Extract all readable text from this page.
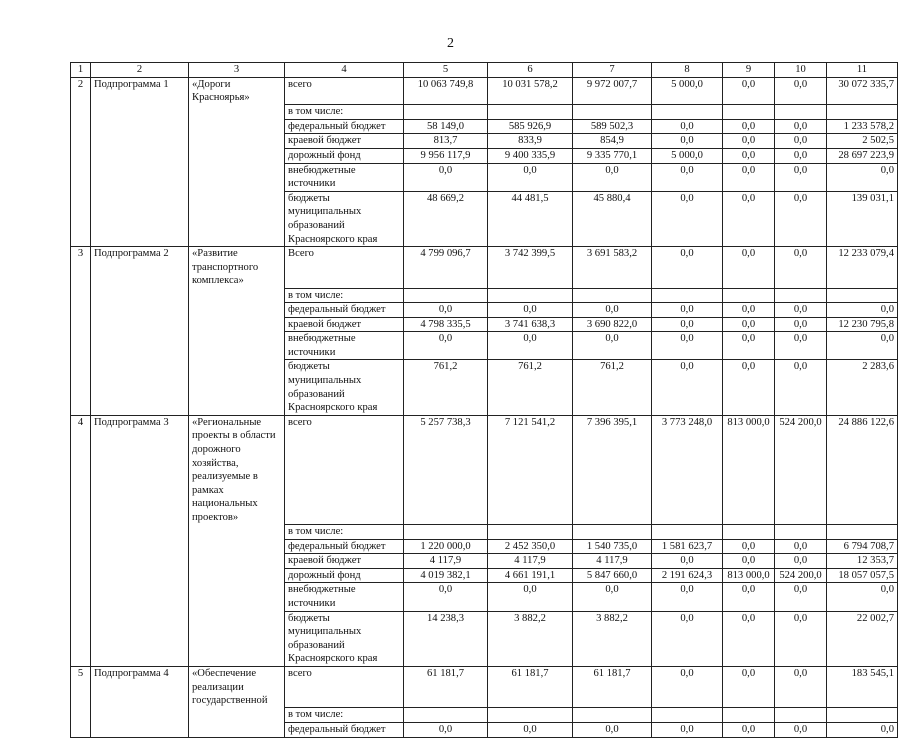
2
1	2	3	4	5	6	7	8	9	10	11
2	Подпрограмма 1	«Дороги Красноярья»	всего	10 063 749,8	10 031 578,2	9 972 007,7	5 000,0	0,0	0,0	30 072 335,7
			в том числе:							
			федеральный бюджет	58 149,0	585 926,9	589 502,3	0,0	0,0	0,0	1 233 578,2
			краевой бюджет	813,7	833,9	854,9	0,0	0,0	0,0	2 502,5
			дорожный фонд	9 956 117,9	9 400 335,9	9 335 770,1	5 000,0	0,0	0,0	28 697 223,9
			внебюджетные источники	0,0	0,0	0,0	0,0	0,0	0,0	0,0
			бюджеты муниципальных образований Красноярского края	48 669,2	44 481,5	45 880,4	0,0	0,0	0,0	139 031,1
3	Подпрограмма 2	«Развитие транспортного комплекса»	Всего	4 799 096,7	3 742 399,5	3 691 583,2	0,0	0,0	0,0	12 233 079,4
			в том числе:							
			федеральный бюджет	0,0	0,0	0,0	0,0	0,0	0,0	0,0
			краевой бюджет	4 798 335,5	3 741 638,3	3 690 822,0	0,0	0,0	0,0	12 230 795,8
			внебюджетные источники	0,0	0,0	0,0	0,0	0,0	0,0	0,0
			бюджеты муниципальных образований Красноярского края	761,2	761,2	761,2	0,0	0,0	0,0	2 283,6
4	Подпрограмма 3	«Региональные проекты в области дорожного хозяйства, реализуемые в рамках национальных проектов»	всего	5 257 738,3	7 121 541,2	7 396 395,1	3 773 248,0	813 000,0	524 200,0	24 886 122,6
			в том числе:							
			федеральный бюджет	1 220 000,0	2 452 350,0	1 540 735,0	1 581 623,7	0,0	0,0	6 794 708,7
			краевой бюджет	4 117,9	4 117,9	4 117,9	0,0	0,0	0,0	12 353,7
			дорожный фонд	4 019 382,1	4 661 191,1	5 847 660,0	2 191 624,3	813 000,0	524 200,0	18 057 057,5
			внебюджетные источники	0,0	0,0	0,0	0,0	0,0	0,0	0,0
			бюджеты муниципальных образований Красноярского края	14 238,3	3 882,2	3 882,2	0,0	0,0	0,0	22 002,7
5	Подпрограмма 4	«Обеспечение реализации государственной	всего	61 181,7	61 181,7	61 181,7	0,0	0,0	0,0	183 545,1
			в том числе:							
			федеральный бюджет	0,0	0,0	0,0	0,0	0,0	0,0	0,0
